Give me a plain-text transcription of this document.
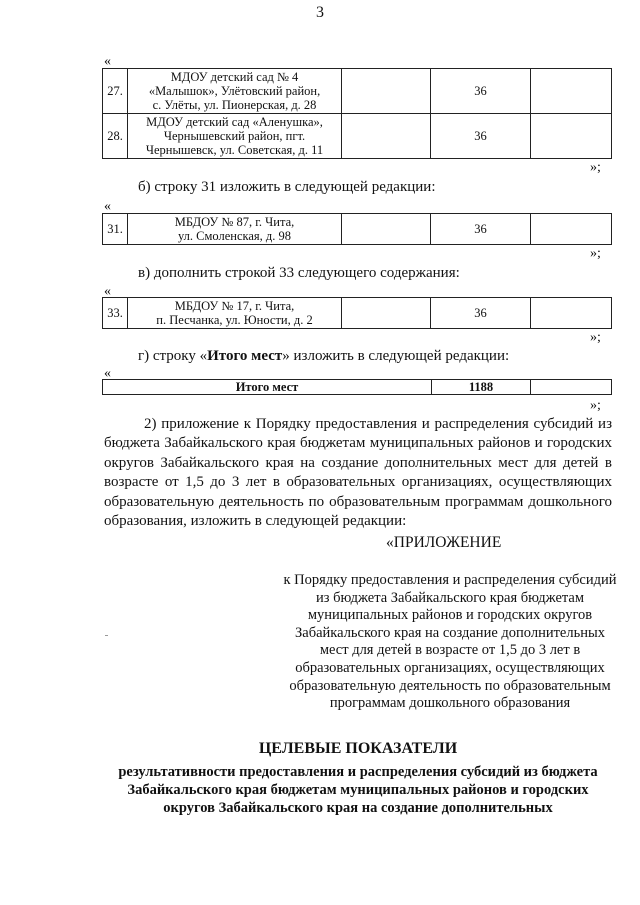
3
«
27.	МДОУ детский сад № 4
«Малышок», Улётовский район,
с. Улёты, ул. Пионерская, д. 28		36	
28.	МДОУ детский сад «Аленушка»,
Чернышевский район, пгт.
Чернышевск, ул. Советская, д. 11		36	
»;
б) строку 31 изложить в следующей редакции:
«
31.	МБДОУ № 87, г. Чита,
ул. Смоленская, д. 98		36	
»;
в) дополнить строкой 33 следующего содержания:
«
33.	МБДОУ № 17, г. Чита,
п. Песчанка, ул. Юности, д. 2		36	
»;
г) строку «Итого мест» изложить в следующей редакции:
«
Итого мест	1188	
»;
2) приложение к Порядку предоставления и распределения субсидий из бюджета Забайкальского края бюджетам муниципальных районов и городских округов Забайкальского края на создание дополнительных мест для детей в возрасте от 1,5 до 3 лет в образовательных организациях, осуществляющих образовательную деятельность по образовательным программам дошкольного образования, изложить в следующей редакции:
«ПРИЛОЖЕНИЕ
к Порядку предоставления и распределения субсидий из бюджета Забайкальского края бюджетам муниципальных районов и городских округов Забайкальского края на создание дополнительных мест для детей в возрасте от 1,5 до 3 лет в образовательных организациях, осуществляющих образовательную деятельность по образовательным программам дошкольного образования
ЦЕЛЕВЫЕ ПОКАЗАТЕЛИ
результативности предоставления и распределения субсидий из бюджета Забайкальского края бюджетам муниципальных районов и городских округов Забайкальского края на создание дополнительных
